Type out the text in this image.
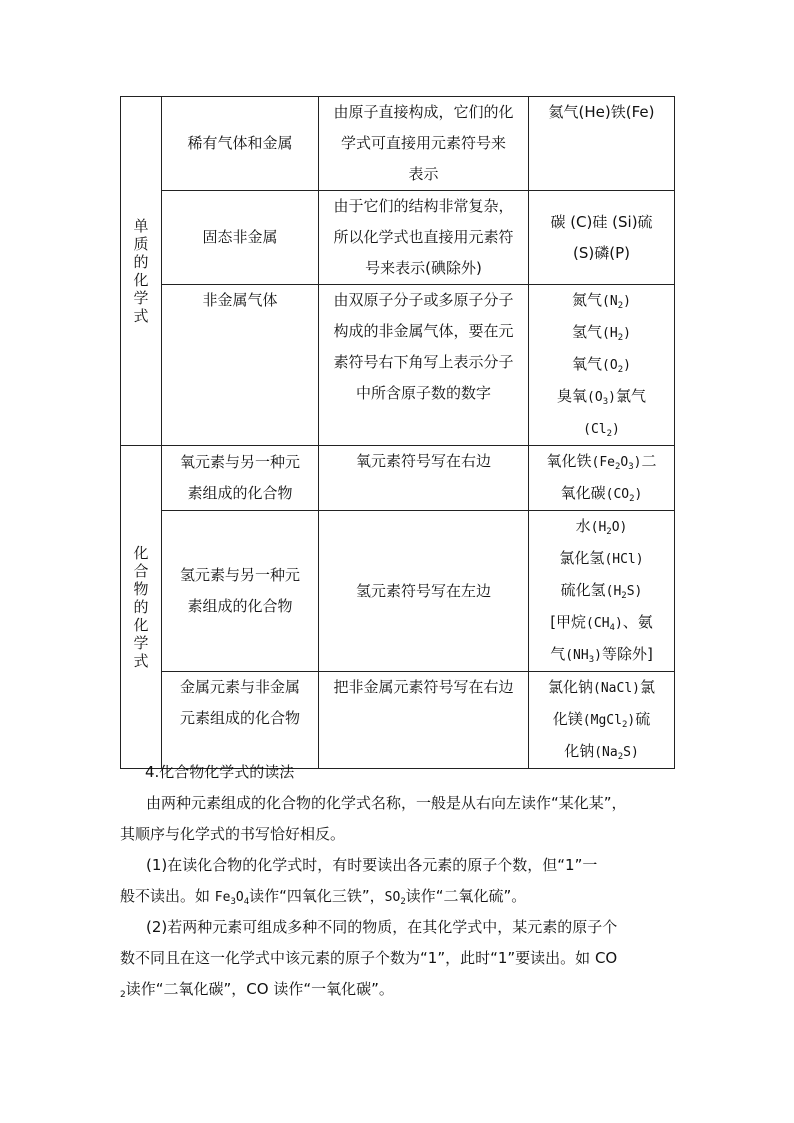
单质的化学式	稀有气体和金属	由原子直接构成，它们的化
学式可直接用元素符号来
表示	氦气(He)铁(Fe)
	固态非金属	由于它们的结构非常复杂，
所以化学式也直接用元素符
号来表示(碘除外)	碳 (C)硅 (Si)硫
(S)磷(P)

	非金属气体	由双原子分子或多原子分子
构成的非金属气体，要在元
素符号右下角写上表示分子
中所含原子数的数字	氮气$(N_2)$
氢气$(H_2)$
氧气$(O_2)$
臭氧$(O_3)$氯气
$(Cl_2)$

化合物的化学式	氧元素与另一种元
素组成的化合物	氧元素符号写在右边	氧化铁$(Fe_2O_3)$二
氧化碳$(CO_2)$

	氢元素与另一种元
素组成的化合物	氢元素符号写在左边	水$(H_2O)$
氯化氢(HCl)
硫化氢$(H_2S)$
[甲烷$(CH_4)$、氨
气$(NH_3)$等除外]

	金属元素与非金属
元素组成的化合物	把非金属元素符号写在右边	氯化钠(NaCl)氯
化镁(MgCl$_2$)硫
化钠$(Na_2S)$
4.化合物化学式的读法
由两种元素组成的化合物的化学式名称，一般是从右向左读作“某化某”，
其顺序与化学式的书写恰好相反。
(1)在读化合物的化学式时，有时要读出各元素的原子个数，但“1”一
般不读出。如 $Fe_3O_4$读作“四氧化三铁”，$SO_2$读作“二氧化硫”。
(2)若两种元素可组成多种不同的物质，在其化学式中，某元素的原子个
数不同且在这一化学式中该元素的原子个数为“1”，此时“1”要读出。如 CO
$_2$读作“二氧化碳”，CO 读作“一氧化碳”。
